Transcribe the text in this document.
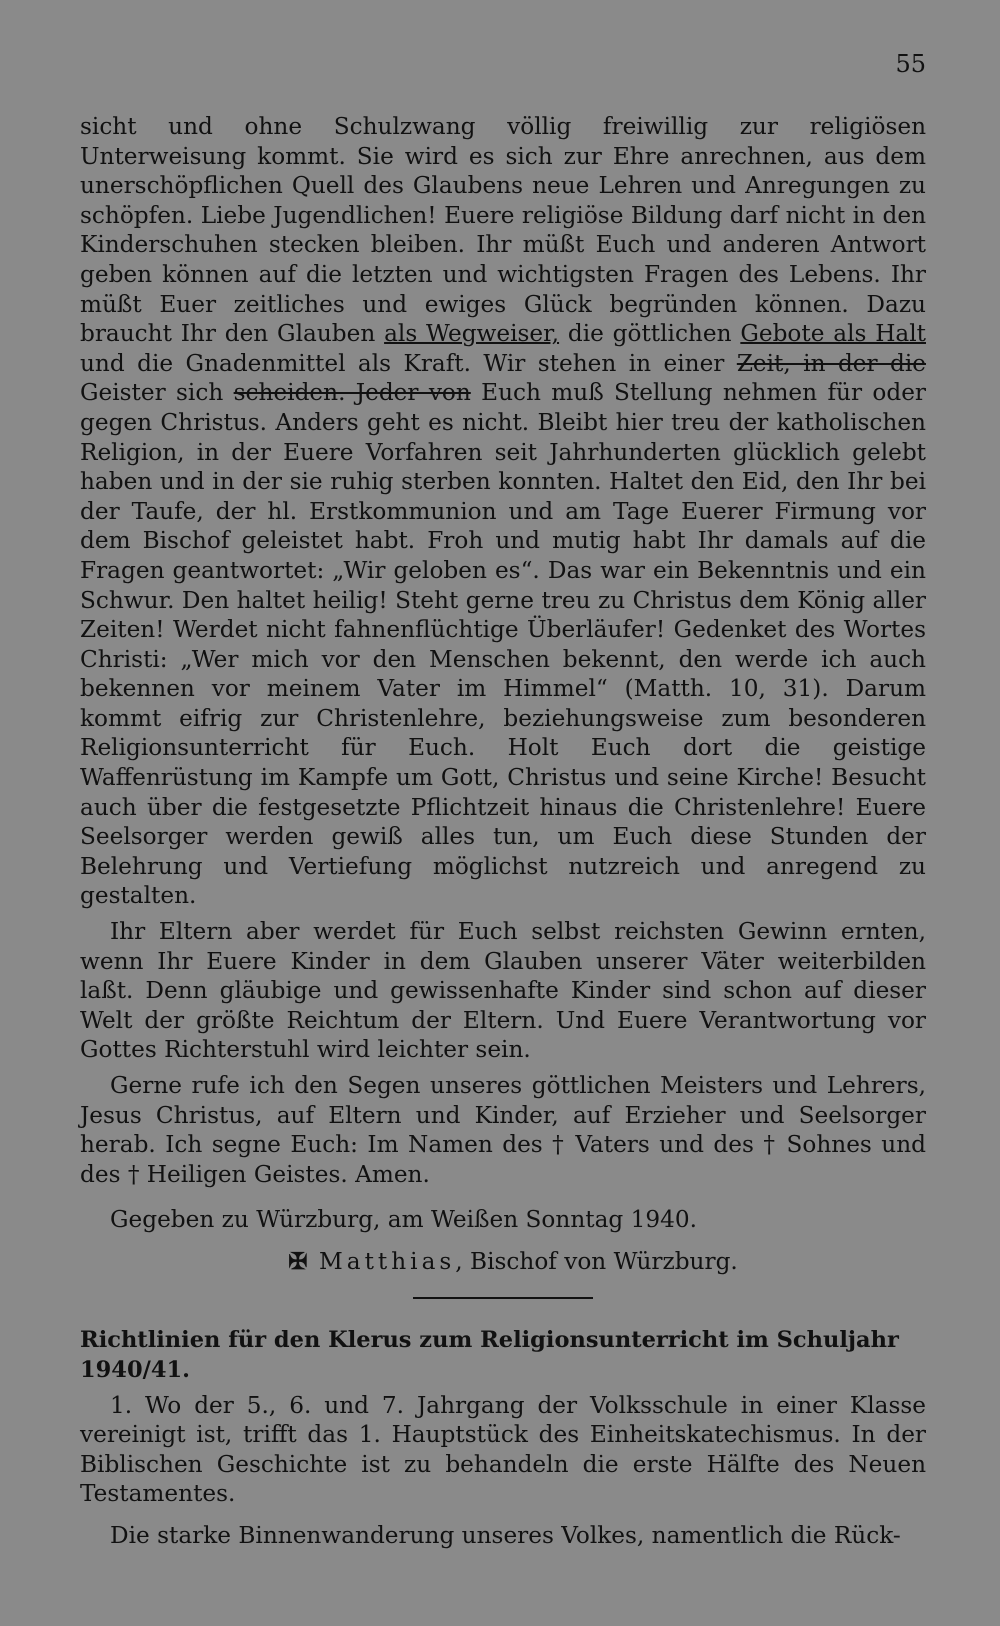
55

sicht und ohne Schulzwang völlig freiwillig zur religiösen Unterweisung kommt. Sie wird es sich zur Ehre anrechnen, aus dem unerschöpflichen Quell des Glaubens neue Lehren und Anregungen zu schöpfen. Liebe Jugendlichen! Euere religiöse Bildung darf nicht in den Kinderschuhen stecken bleiben. Ihr müßt Euch und anderen Antwort geben können auf die letzten und wichtigsten Fragen des Lebens. Ihr müßt Euer zeitliches und ewiges Glück begründen können. Dazu braucht Ihr den Glauben als Wegweiser, die göttlichen Gebote als Halt und die Gnadenmittel als Kraft. Wir stehen in einer Zeit, in der die Geister sich scheiden. Jeder von Euch muß Stellung nehmen für oder gegen Christus. Anders geht es nicht. Bleibt hier treu der katholischen Religion, in der Euere Vorfahren seit Jahrhunderten glücklich gelebt haben und in der sie ruhig sterben konnten. Haltet den Eid, den Ihr bei der Taufe, der hl. Erstkommunion und am Tage Euerer Firmung vor dem Bischof geleistet habt. Froh und mutig habt Ihr damals auf die Fragen geantwortet: „Wir geloben es“. Das war ein Bekenntnis und ein Schwur. Den haltet heilig! Steht gerne treu zu Christus dem König aller Zeiten! Werdet nicht fahnenflüchtige Überläufer! Gedenket des Wortes Christi: „Wer mich vor den Menschen bekennt, den werde ich auch bekennen vor meinem Vater im Himmel“ (Matth. 10, 31). Darum kommt eifrig zur Christenlehre, beziehungsweise zum besonderen Religionsunterricht für Euch. Holt Euch dort die geistige Waffenrüstung im Kampfe um Gott, Christus und seine Kirche! Besucht auch über die festgesetzte Pflichtzeit hinaus die Christenlehre! Euere Seelsorger werden gewiß alles tun, um Euch diese Stunden der Belehrung und Vertiefung möglichst nutzreich und anregend zu gestalten.

Ihr Eltern aber werdet für Euch selbst reichsten Gewinn ernten, wenn Ihr Euere Kinder in dem Glauben unserer Väter weiterbilden laßt. Denn gläubige und gewissenhafte Kinder sind schon auf dieser Welt der größte Reichtum der Eltern. Und Euere Verantwortung vor Gottes Richterstuhl wird leichter sein.

Gerne rufe ich den Segen unseres göttlichen Meisters und Lehrers, Jesus Christus, auf Eltern und Kinder, auf Erzieher und Seelsorger herab. Ich segne Euch: Im Namen des † Vaters und des † Sohnes und des † Heiligen Geistes. Amen.

Gegeben zu Würzburg, am Weißen Sonntag 1940.

✠ Matthias, Bischof von Würzburg.

Richtlinien für den Klerus zum Religionsunterricht im Schuljahr 1940/41.

1. Wo der 5., 6. und 7. Jahrgang der Volksschule in einer Klasse vereinigt ist, trifft das 1. Hauptstück des Einheitskatechismus. In der Biblischen Geschichte ist zu behandeln die erste Hälfte des Neuen Testamentes.

Die starke Binnenwanderung unseres Volkes, namentlich die Rück-
